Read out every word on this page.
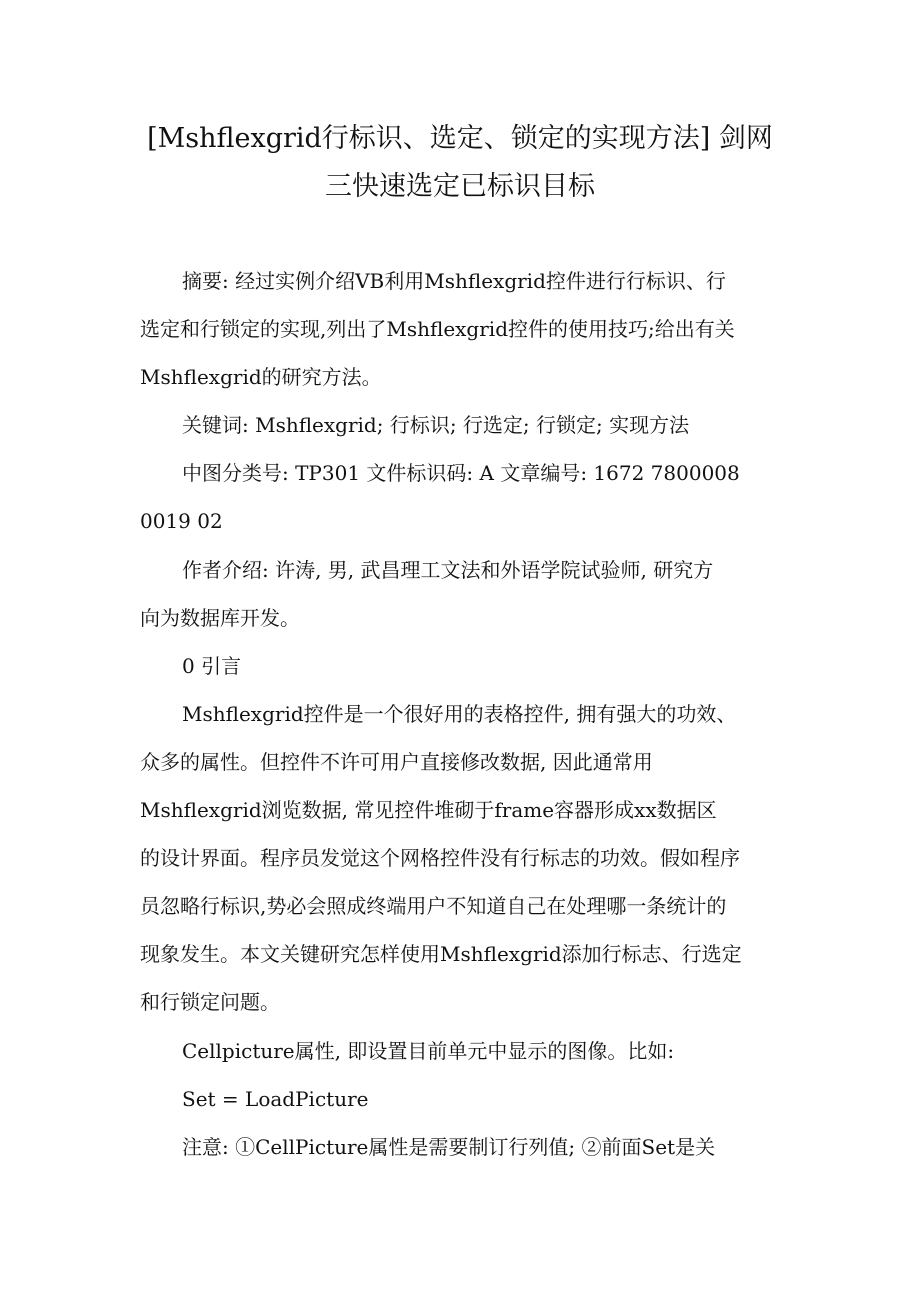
[Mshflexgrid行标识、选定、锁定的实现方法] 剑网
三快速选定已标识目标
摘要: 经过实例介绍VB利用Mshflexgrid控件进行行标识、行
选定和行锁定的实现,列出了Mshflexgrid控件的使用技巧;给出有关
Mshflexgrid的研究方法。
关键词: Mshflexgrid; 行标识; 行选定; 行锁定; 实现方法
中图分类号: TP301 文件标识码: A 文章编号: 1672 7800008
0019 02
作者介绍: 许涛, 男, 武昌理工文法和外语学院试验师, 研究方
向为数据库开发。
0 引言
Mshflexgrid控件是一个很好用的表格控件, 拥有强大的功效、
众多的属性。但控件不许可用户直接修改数据, 因此通常用
Mshflexgrid浏览数据, 常见控件堆砌于frame容器形成xx数据区
的设计界面。程序员发觉这个网格控件没有行标志的功效。假如程序
员忽略行标识,势必会照成终端用户不知道自己在处理哪一条统计的
现象发生。本文关键研究怎样使用Mshflexgrid添加行标志、行选定
和行锁定问题。
Cellpicture属性, 即设置目前单元中显示的图像。比如:
Set = LoadPicture
注意: ①CellPicture属性是需要制订行列值; ②前面Set是关
